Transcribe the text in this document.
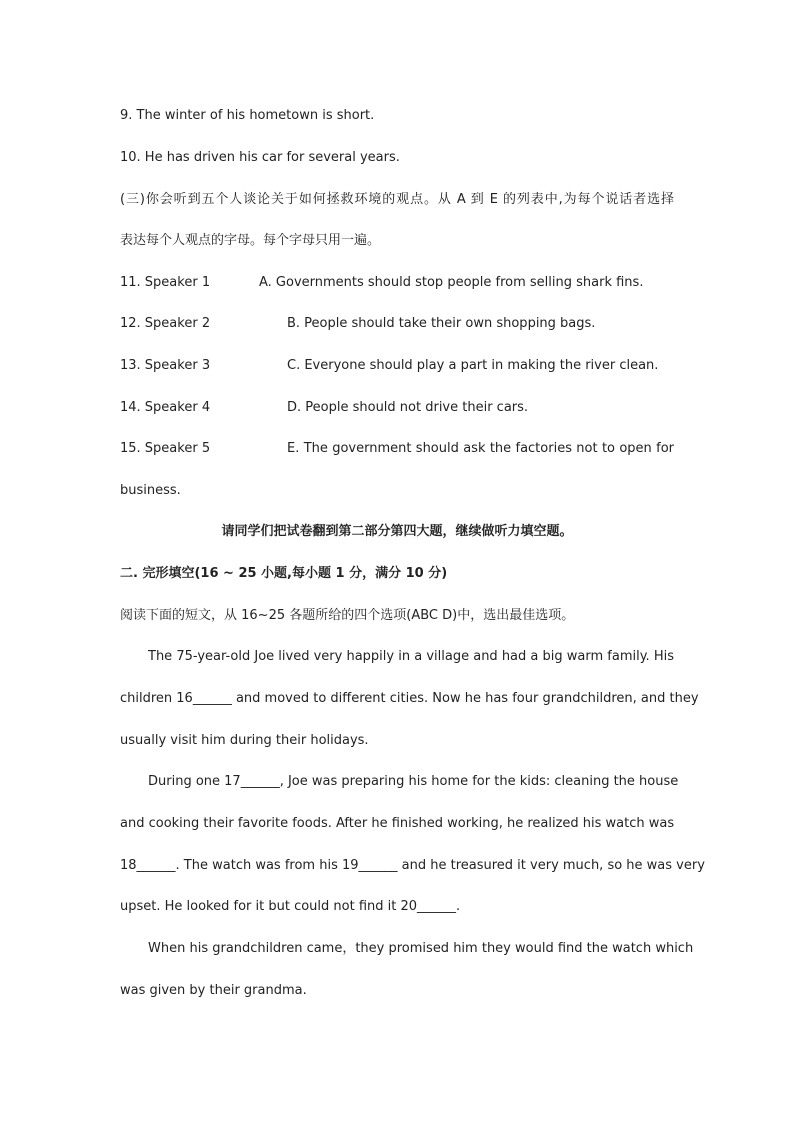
9. The winter of his hometown is short.
10. He has driven his car for several years.
(三)你会听到五个人谈论关于如何拯救环境的观点。从 A 到 E 的列表中,为每个说话者选择
表达每个人观点的字母。每个字母只用一遍。
11. Speaker 1	A. Governments should stop people from selling shark fins.
12. Speaker 2	B. People should take their own shopping bags.
13. Speaker 3	C. Everyone should play a part in making the river clean.
14. Speaker 4	D. People should not drive their cars.
15. Speaker 5	E. The government should ask the factories not to open for
business.
请同学们把试卷翻到第二部分第四大题，继续做听力填空题。
二. 完形填空(16 ~ 25 小题,每小题 1 分，满分 10 分)
阅读下面的短文，从 16~25 各题所给的四个选项(ABC D)中，选出最佳选项。
The 75-year-old Joe lived very happily in a village and had a big warm family. His
children 16______ and moved to different cities. Now he has four grandchildren, and they
usually visit him during their holidays.
During one 17______, Joe was preparing his home for the kids: cleaning the house
and cooking their favorite foods. After he finished working, he realized his watch was
18______. The watch was from his 19______ and he treasured it very much, so he was very
upset. He looked for it but could not find it 20______.
When his grandchildren came，they promised him they would find the watch which
was given by their grandma.
